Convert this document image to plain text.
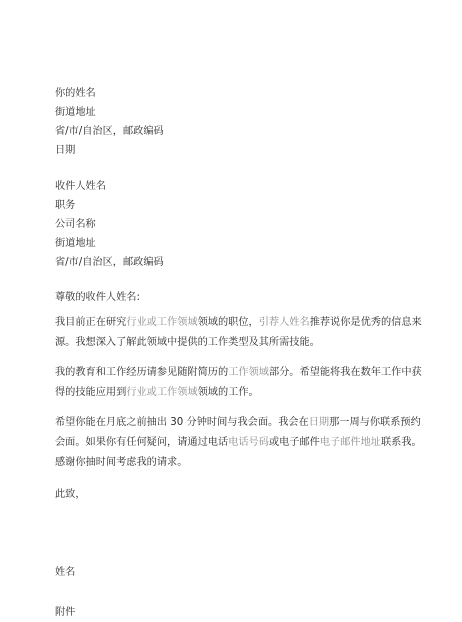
你的姓名
街道地址
省/市/自治区，邮政编码
日期
收件人姓名
职务
公司名称
街道地址
省/市/自治区，邮政编码
尊敬的收件人姓名:
我目前正在研究行业或工作领域领域的职位，引荐人姓名推荐说你是优秀的信息来源。我想深入了解此领域中提供的工作类型及其所需技能。
我的教育和工作经历请参见随附简历的工作领域部分。希望能将我在数年工作中获得的技能应用到行业或工作领域领域的工作。
希望你能在月底之前抽出 30 分钟时间与我会面。我会在日期那一周与你联系预约会面。如果你有任何疑问，请通过电话电话号码或电子邮件电子邮件地址联系我。感谢你抽时间考虑我的请求。
此致，
姓名
附件
